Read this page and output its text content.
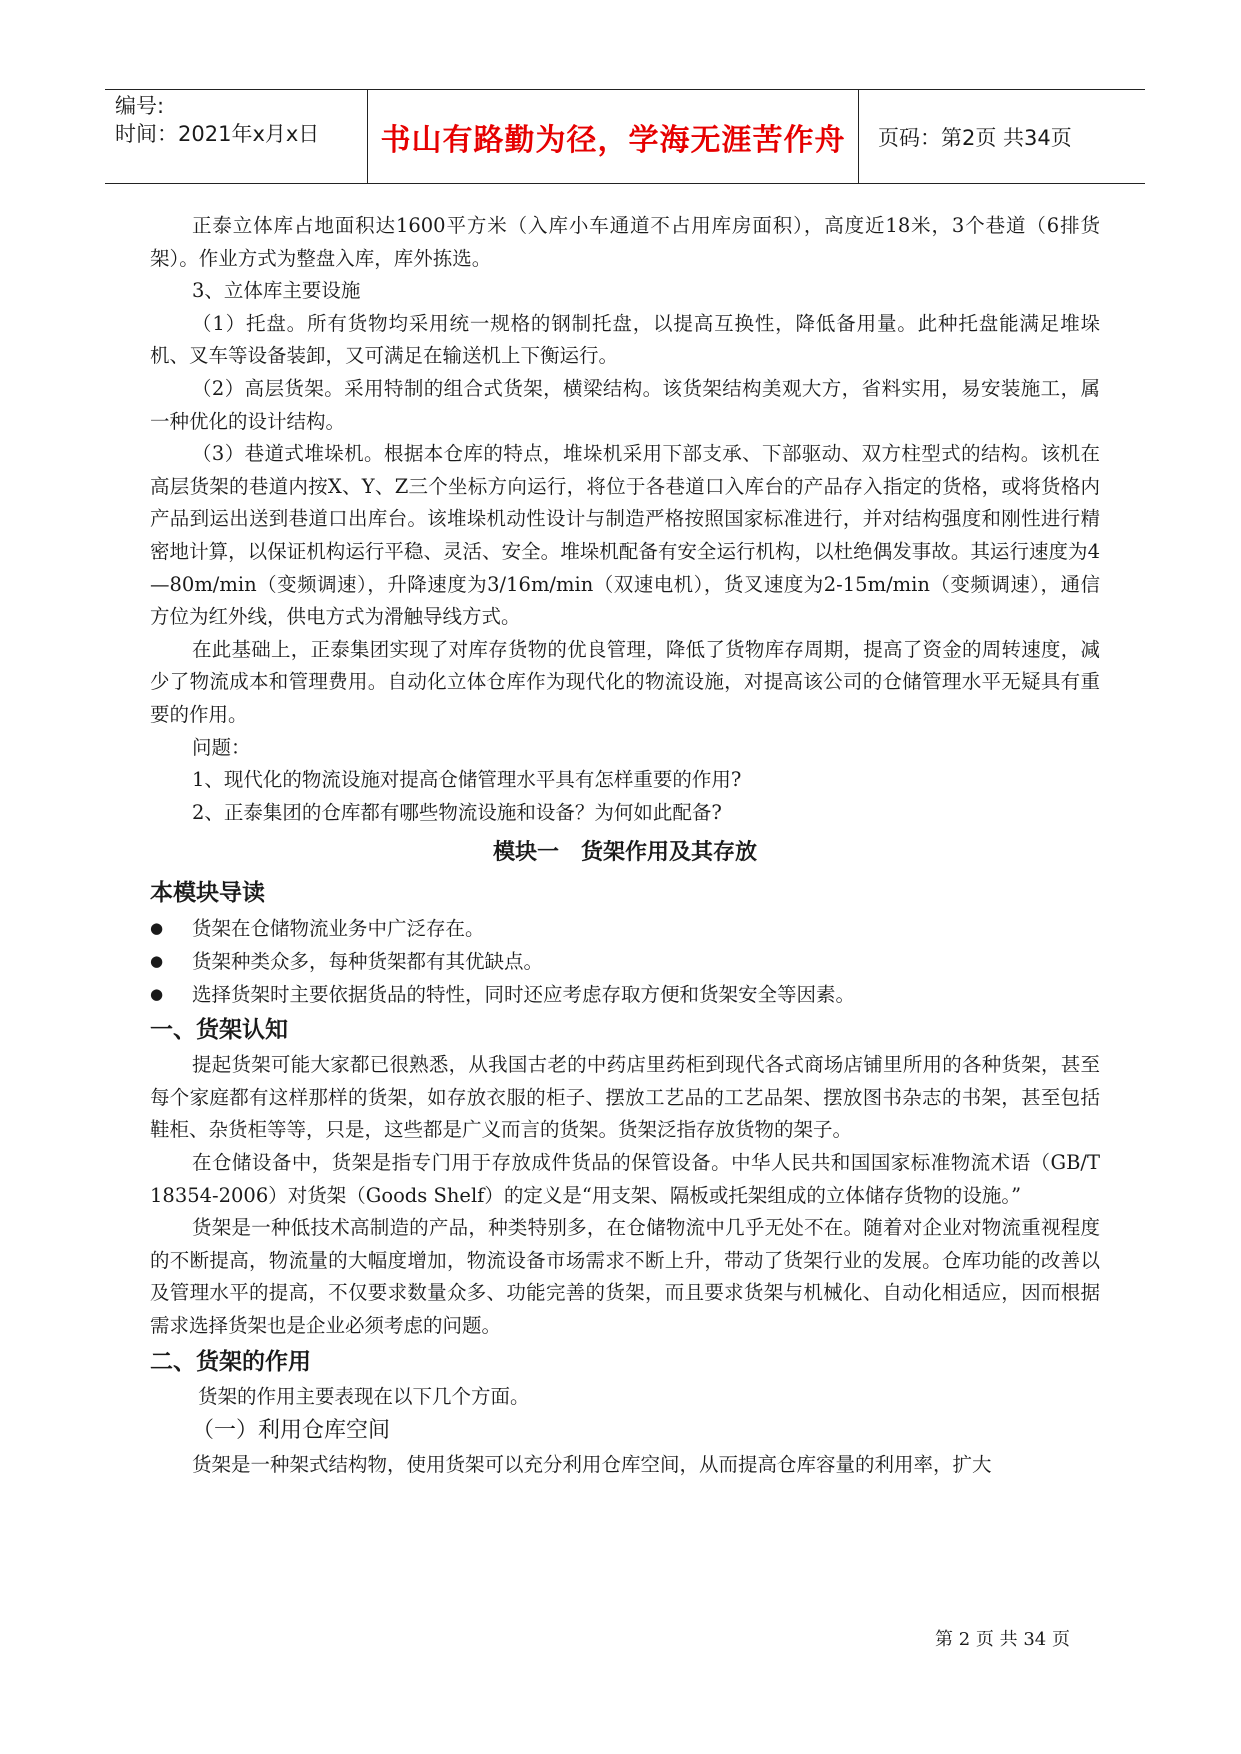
编号:
时间：2021年x月x日	书山有路勤为径，学海无涯苦作舟 页码：第2页 共34页

正泰立体库占地面积达1600平方米（入库小车通道不占用库房面积），高度近18米，3个巷道（6排货架）。作业方式为整盘入库，库外拣选。

3、立体库主要设施

（1）托盘。所有货物均采用统一规格的钢制托盘，以提高互换性，降低备用量。此种托盘能满足堆垛机、叉车等设备装卸，又可满足在输送机上下衡运行。

（2）高层货架。采用特制的组合式货架，横梁结构。该货架结构美观大方，省料实用，易安装施工，属一种优化的设计结构。

（3）巷道式堆垛机。根据本仓库的特点，堆垛机采用下部支承、下部驱动、双方柱型式的结构。该机在高层货架的巷道内按X、Y、Z三个坐标方向运行，将位于各巷道口入库台的产品存入指定的货格，或将货格内产品到运出送到巷道口出库台。该堆垛机动性设计与制造严格按照国家标准进行，并对结构强度和刚性进行精密地计算，以保证机构运行平稳、灵活、安全。堆垛机配备有安全运行机构，以杜绝偶发事故。其运行速度为4—80m/min（变频调速），升降速度为3/16m/min（双速电机），货叉速度为2-15m/min（变频调速），通信方位为红外线，供电方式为滑触导线方式。

在此基础上，正泰集团实现了对库存货物的优良管理，降低了货物库存周期，提高了资金的周转速度，减少了物流成本和管理费用。自动化立体仓库作为现代化的物流设施，对提高该公司的仓储管理水平无疑具有重要的作用。

问题：

1、现代化的物流设施对提高仓储管理水平具有怎样重要的作用?

2、正泰集团的仓库都有哪些物流设施和设备？为何如此配备?

模块一　货架作用及其存放
本模块导读
●	货架在仓储物流业务中广泛存在。
●	货架种类众多，每种货架都有其优缺点。
●	选择货架时主要依据货品的特性，同时还应考虑存取方便和货架安全等因素。
一、货架认知

提起货架可能大家都已很熟悉，从我国古老的中药店里药柜到现代各式商场店铺里所用的各种货架，甚至每个家庭都有这样那样的货架，如存放衣服的柜子、摆放工艺品的工艺品架、摆放图书杂志的书架，甚至包括鞋柜、杂货柜等等，只是，这些都是广义而言的货架。货架泛指存放货物的架子。

在仓储设备中，货架是指专门用于存放成件货品的保管设备。中华人民共和国国家标准物流术语（GB/T 18354-2006）对货架（Goods Shelf）的定义是“用支架、隔板或托架组成的立体储存货物的设施。”

货架是一种低技术高制造的产品，种类特别多，在仓储物流中几乎无处不在。随着对企业对物流重视程度的不断提高，物流量的大幅度增加，物流设备市场需求不断上升，带动了货架行业的发展。仓库功能的改善以及管理水平的提高，不仅要求数量众多、功能完善的货架，而且要求货架与机械化、自动化相适应，因而根据需求选择货架也是企业必须考虑的问题。

二、货架的作用

货架的作用主要表现在以下几个方面。

（一）利用仓库空间

货架是一种架式结构物，使用货架可以充分利用仓库空间，从而提高仓库容量的利用率，扩大

第 2 页 共 34 页
